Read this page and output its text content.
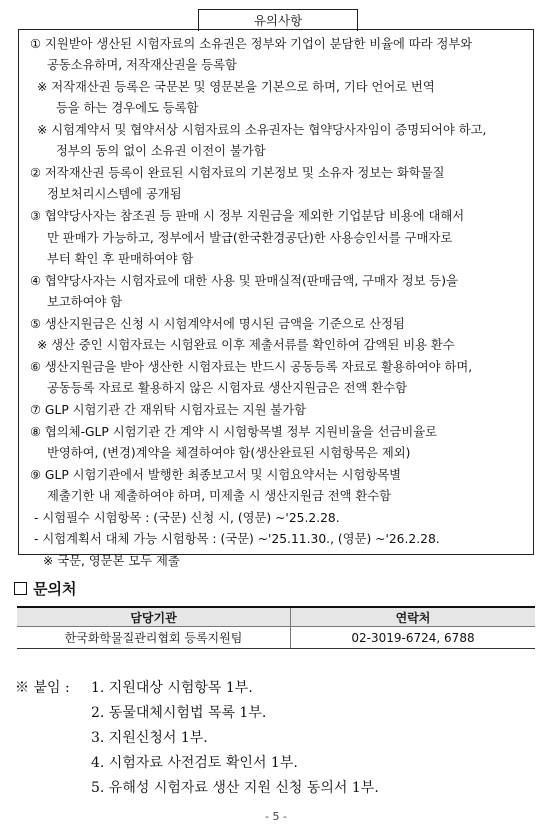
유의사항
① 지원받아 생산된 시험자료의 소유권은 정부와 기업이 분담한 비율에 따라 정부와
공동소유하며, 저작재산권을 등록함
※ 저작재산권 등록은 국문본 및 영문본을 기본으로 하며, 기타 언어로 번역
등을 하는 경우에도 등록함
※ 시험계약서 및 협약서상 시험자료의 소유권자는 협약당사자임이 증명되어야 하고,
정부의 동의 없이 소유권 이전이 불가함
② 저작재산권 등록이 완료된 시험자료의 기본정보 및 소유자 정보는 화학물질
정보처리시스템에 공개됨
③ 협약당사자는 참조권 등 판매 시 정부 지원금을 제외한 기업분담 비용에 대해서
만 판매가 가능하고, 정부에서 발급(한국환경공단)한 사용승인서를 구매자로
부터 확인 후 판매하여야 함
④ 협약당사자는 시험자료에 대한 사용 및 판매실적(판매금액, 구매자 정보 등)을
보고하여야 함
⑤ 생산지원금은 신청 시 시험계약서에 명시된 금액을 기준으로 산정됨
※ 생산 중인 시험자료는 시험완료 이후 제출서류를 확인하여 감액된 비용 환수
⑥ 생산지원금을 받아 생산한 시험자료는 반드시 공동등록 자료로 활용하여야 하며,
공동등록 자료로 활용하지 않은 시험자료 생산지원금은 전액 환수함
⑦ GLP 시험기관 간 재위탁 시험자료는 지원 불가함
⑧ 협의체-GLP 시험기관 간 계약 시 시험항목별 정부 지원비율을 선금비율로
반영하여, (변경)계약을 체결하여야 함(생산완료된 시험항목은 제외)
⑨ GLP 시험기관에서 발행한 최종보고서 및 시험요약서는 시험항목별
제출기한 내 제출하여야 하며, 미제출 시 생산지원금 전액 환수함
- 시험필수 시험항목 : (국문) 신청 시, (영문) ~'25.2.28.
- 시험계획서 대체 가능 시험항목 : (국문) ~'25.11.30., (영문) ~'26.2.28.
※ 국문, 영문본 모두 제출
문의처
담당기관	연락처
한국화학물질관리협회 등록지원팀	02-3019-6724, 6788
※ 붙임 : 1. 지원대상 시험항목 1부.
2. 동물대체시험법 목록 1부.
3. 지원신청서 1부.
4. 시험자료 사전검토 확인서 1부.
5. 유해성 시험자료 생산 지원 신청 동의서 1부.
- 5 -
